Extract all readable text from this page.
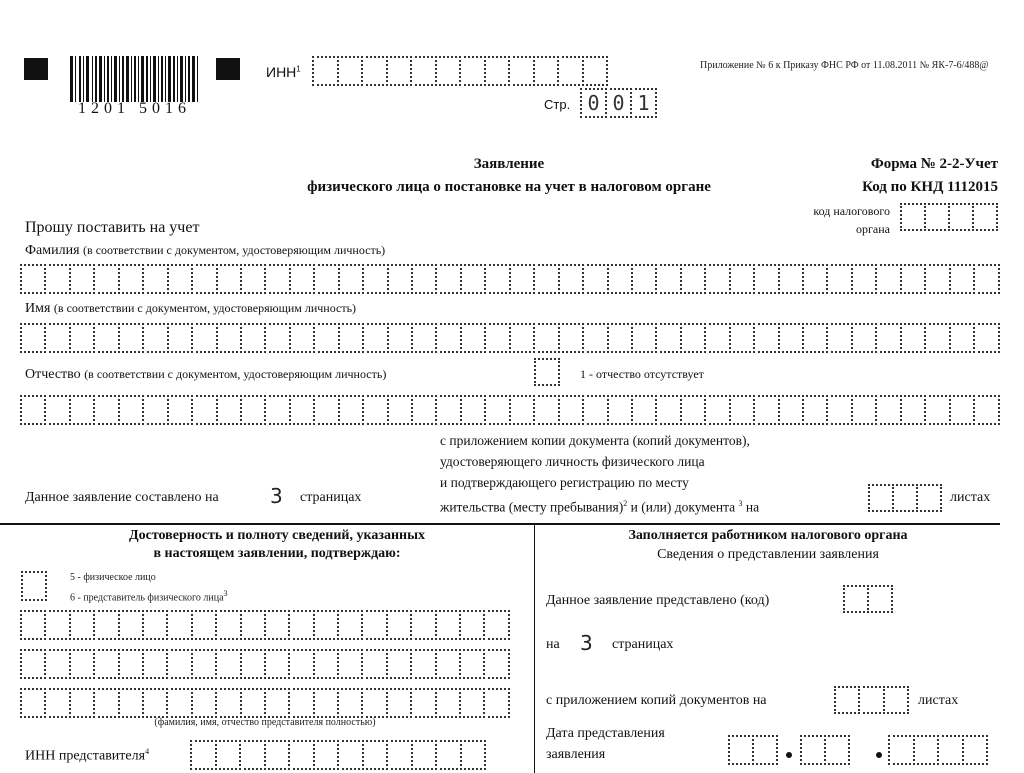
1201 5016
ИНН$^1$	Приложение № 6 к Приказу ФНС РФ от 11.08.2011 № ЯК-7-6/488@
Стр. 0 0 1
Заявление
физического лица о постановке на учет в налоговом органе
Форма № 2-2-Учет
Код по КНД 1112015
код налогового
органа
Прошу поставить на учет
Фамилия (в соответствии с документом, удостоверяющим личность)
Имя (в соответствии с документом, удостоверяющим личность)
Отчество (в соответствии с документом, удостоверяющим личность)	1 - отчество отсутствует
с приложением копии документа (копий документов),
удостоверяющего личность физического лица
и подтверждающего регистрацию по месту
жительства (месту пребывания)$^2$ и (или) документа $^3$ на
Данное заявление составлено на	3 страницах	листах
Достоверность и полноту сведений, указанных
в настоящем заявлении, подтверждаю:
5 - физическое лицо
6 - представитель физического лица$^3$
(фамилия, имя, отчество представителя полностью)
ИНН представителя$^4$
Заполняется работником налогового органа
Сведения о представлении заявления
Данное заявление представлено (код)
на 3 страницах
с приложением копий документов на	листах
Дата представления
заявления
